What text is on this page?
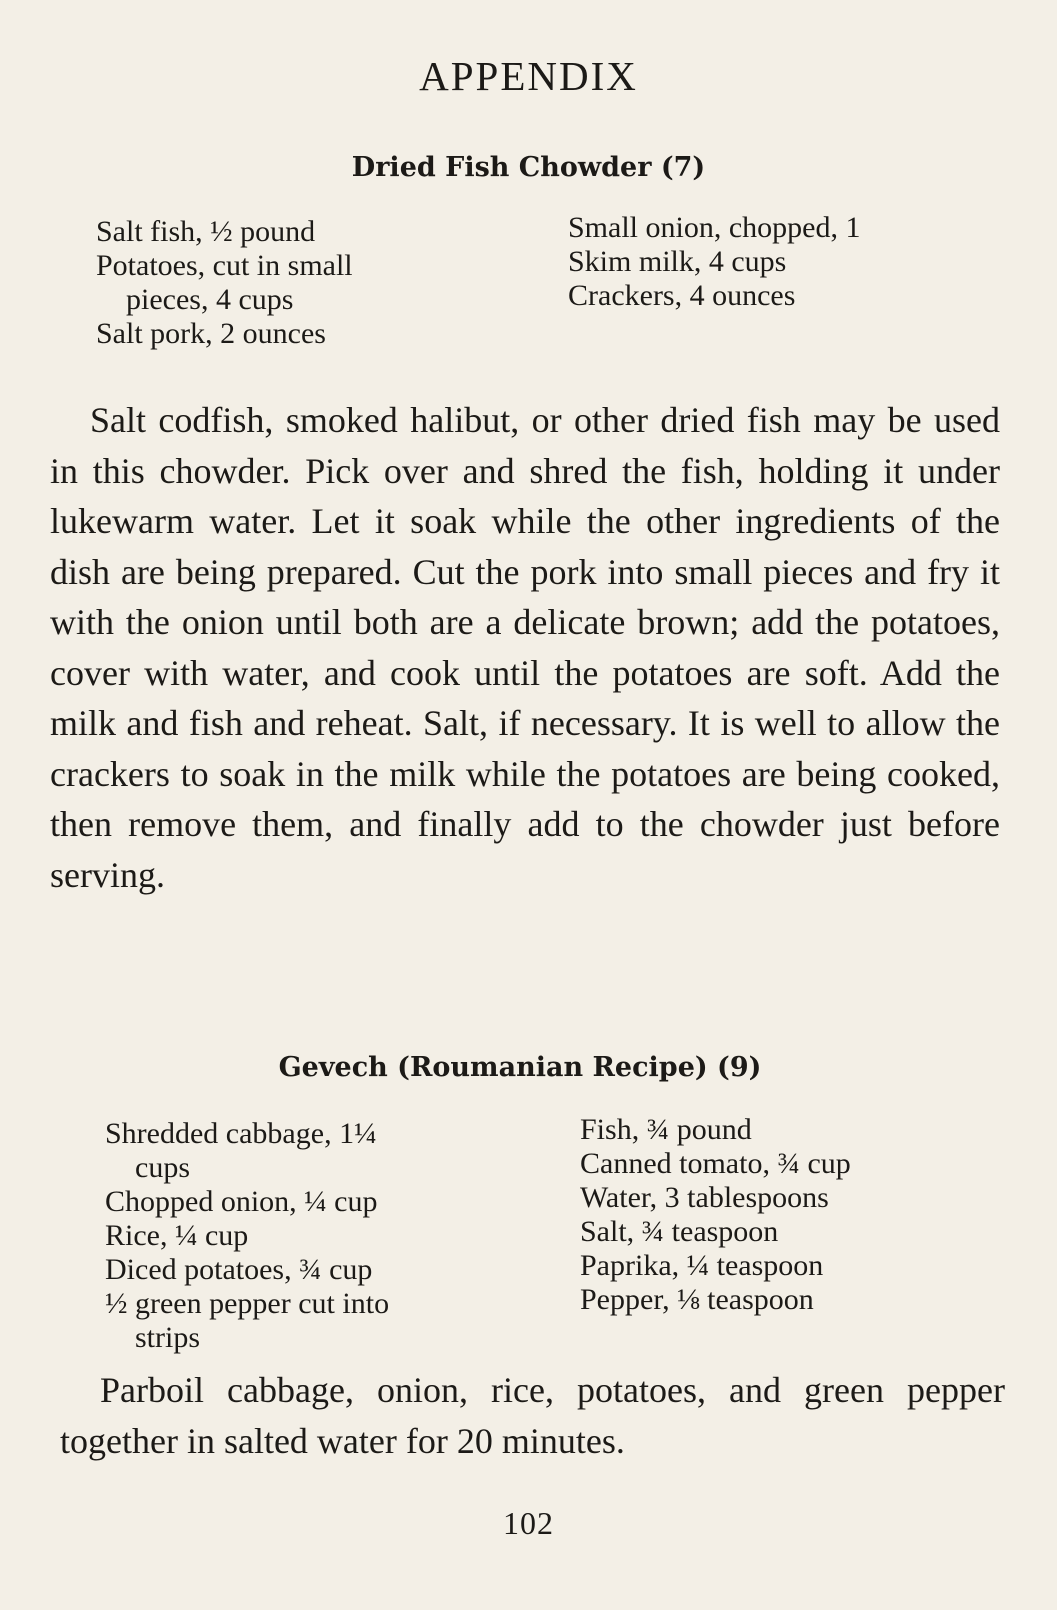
APPENDIX
Dried Fish Chowder (7)
Salt fish, ½ pound
Potatoes, cut in small
pieces, 4 cups
Salt pork, 2 ounces
Small onion, chopped, 1
Skim milk, 4 cups
Crackers, 4 ounces
Salt codfish, smoked halibut, or other dried fish may be used in this chowder. Pick over and shred the fish, holding it under lukewarm water. Let it soak while the other ingredients of the dish are being prepared. Cut the pork into small pieces and fry it with the onion until both are a delicate brown; add the potatoes, cover with water, and cook until the potatoes are soft. Add the milk and fish and reheat. Salt, if necessary. It is well to allow the crackers to soak in the milk while the potatoes are being cooked, then remove them, and finally add to the chowder just before serving.
Gevech (Roumanian Recipe) (9)
Shredded cabbage, 1¼
cups
Chopped onion, ¼ cup
Rice, ¼ cup
Diced potatoes, ¾ cup
½ green pepper cut into
strips
Fish, ¾ pound
Canned tomato, ¾ cup
Water, 3 tablespoons
Salt, ¾ teaspoon
Paprika, ¼ teaspoon
Pepper, ⅛ teaspoon
Parboil cabbage, onion, rice, potatoes, and green pepper together in salted water for 20 minutes.
102
